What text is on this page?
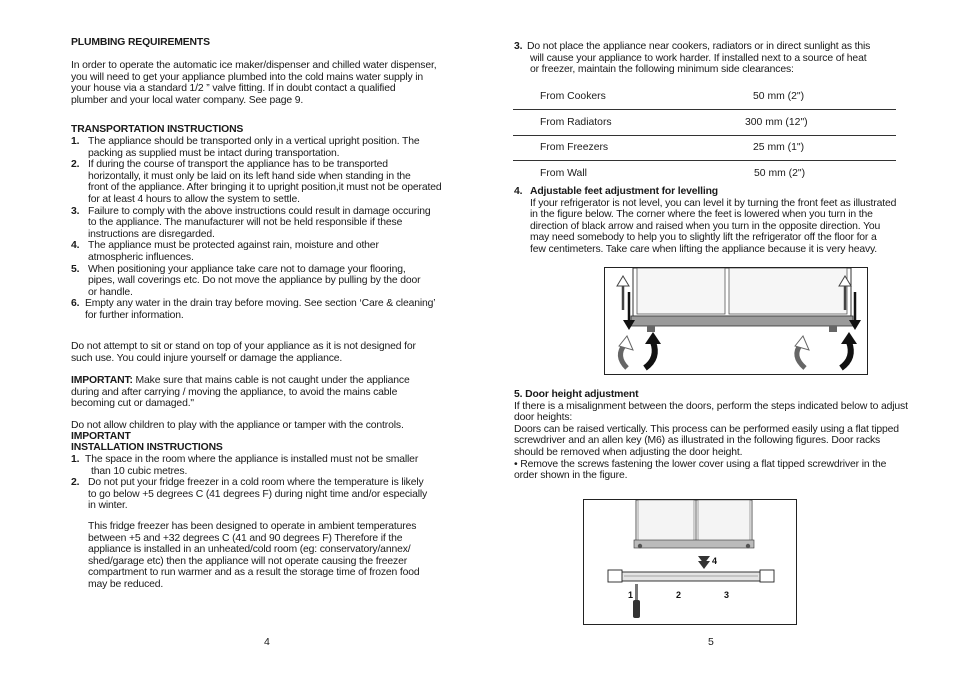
PLUMBING REQUIREMENTS
In order to operate the automatic ice maker/dispenser and chilled water dispenser,
you will need to get your appliance plumbed into the cold mains water supply in
your house via a standard 1/2 ” valve fitting. If in doubt contact a qualified
plumber and your local water company. See page 9.
TRANSPORTATION INSTRUCTIONS
1. The appliance should be transported only in a vertical upright position. The
packing as supplied must be intact during transportation.
2. If during the course of transport the appliance has to be transported
horizontally, it must only be laid on its left hand side when standing in the
front of the appliance. After bringing it to upright position,it must not be operated
for at least 4 hours to allow the system to settle.
3. Failure to comply with the above instructions could result in damage occuring
to the appliance. The manufacturer will not be held responsible if these
instructions are disregarded.
4. The appliance must be protected against rain, moisture and other
atmospheric influences.
5. When positioning your appliance take care not to damage your flooring,
pipes, wall coverings etc. Do not move the appliance by pulling by the door
or handle.
6. Empty any water in the drain tray before moving. See section ‘Care & cleaning’
for further information.
Do not attempt to sit or stand on top of your appliance as it is not designed for
such use. You could injure yourself or damage the appliance.
IMPORTANT: Make sure that mains cable is not caught under the appliance
during and after carrying / moving the appliance, to avoid the mains cable
becoming cut or damaged."
Do not allow children to play with the appliance or tamper with the controls.
IMPORTANT
INSTALLATION INSTRUCTIONS
1. The space in the room where the appliance is installed must not be smaller
than 10 cubic metres.
2. Do not put your fridge freezer in a cold room where the temperature is likely
to go below +5 degrees C (41 degrees F) during night time and/or especially
in winter.
This fridge freezer has been designed to operate in ambient temperatures
between +5 and +32 degrees C (41 and 90 degrees F) Therefore if the
appliance is installed in an unheated/cold room (eg: conservatory/annex/
shed/garage etc) then the appliance will not operate causing the freezer
compartment to run warmer and as a result the storage time of frozen food
may be reduced.
4
3. Do not place the appliance near cookers, radiators or in direct sunlight as this
will cause your appliance to work harder. If installed next to a source of heat
or freezer, maintain the following minimum side clearances:
From Cookers	50 mm (2")
From Radiators	300 mm (12")
From Freezers	25 mm (1")
From Wall	50 mm (2")
4. Adjustable feet adjustment for levelling
If your refrigerator is not level, you can level it by turning the front feet as illustrated
in the figure below. The corner where the feet is lowered when you turn in the
direction of black arrow and raised when you turn in the opposite direction. You
may need somebody to help you to slightly lift the refrigerator off the floor for a
few centimeters. Take care when lifting the appliance because it is very heavy.
5. Door height adjustment
If there is a misalignment between the doors, perform the steps indicated below to adjust
door heights:
Doors can be raised vertically. This process can be performed easily using a flat tipped
screwdriver and an allen key (M6) as illustrated in the following figures. Door racks
should be removed when adjusting the door height.
• Remove the screws fastening the lower cover using a flat tipped screwdriver in the
order shown in the figure.
4
1	2	3
5
